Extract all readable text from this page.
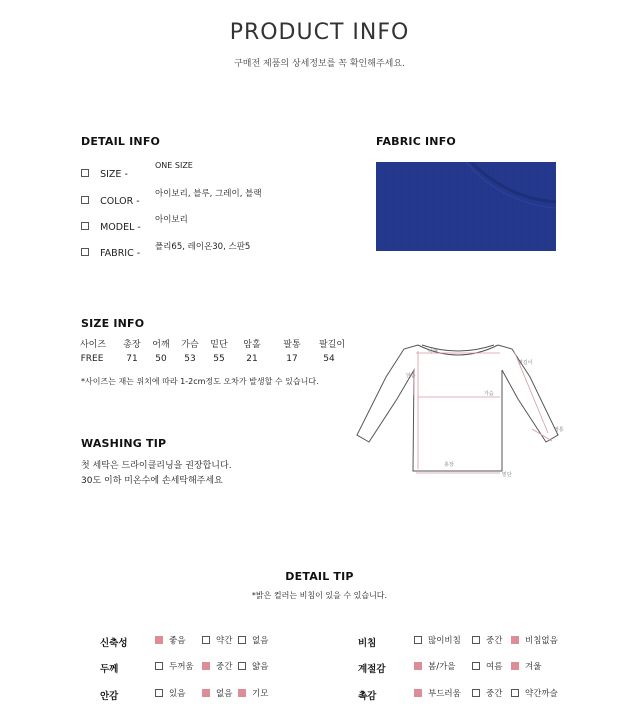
PRODUCT INFO
구매전 제품의 상세정보를 꼭 확인해주세요.
DETAIL INFO
SIZE -
ONE SIZE
COLOR -
아이보리, 블루, 그레이, 블랙
MODEL -
아이보리
FABRIC -
폴리65, 레이온30, 스판5
FABRIC INFO
SIZE INFO
사이즈	총장	어깨	가슴	밑단	암홀	팔통	팔길이
FREE	71	50	53	55	21	17	54
*사이즈는 재는 위치에 따라 1-2cm정도 오차가 발생할 수 있습니다.
어깨
팔길이
암홀
가슴
총장
밑단
팔통
WASHING TIP
첫 세탁은 드라이클리닝을 권장합니다.
30도 이하 미온수에 손세탁해주세요
DETAIL TIP
*밝은 컬러는 비침이 있을 수 있습니다.
신축성	좋음	약간	없음	비침	많이비침	중간	비침없음
두께	두꺼움	중간	얇음	계절감	봄/가을	여름	겨울
안감	있음	없음	기모	촉감	부드러움	중간	약간까슬
